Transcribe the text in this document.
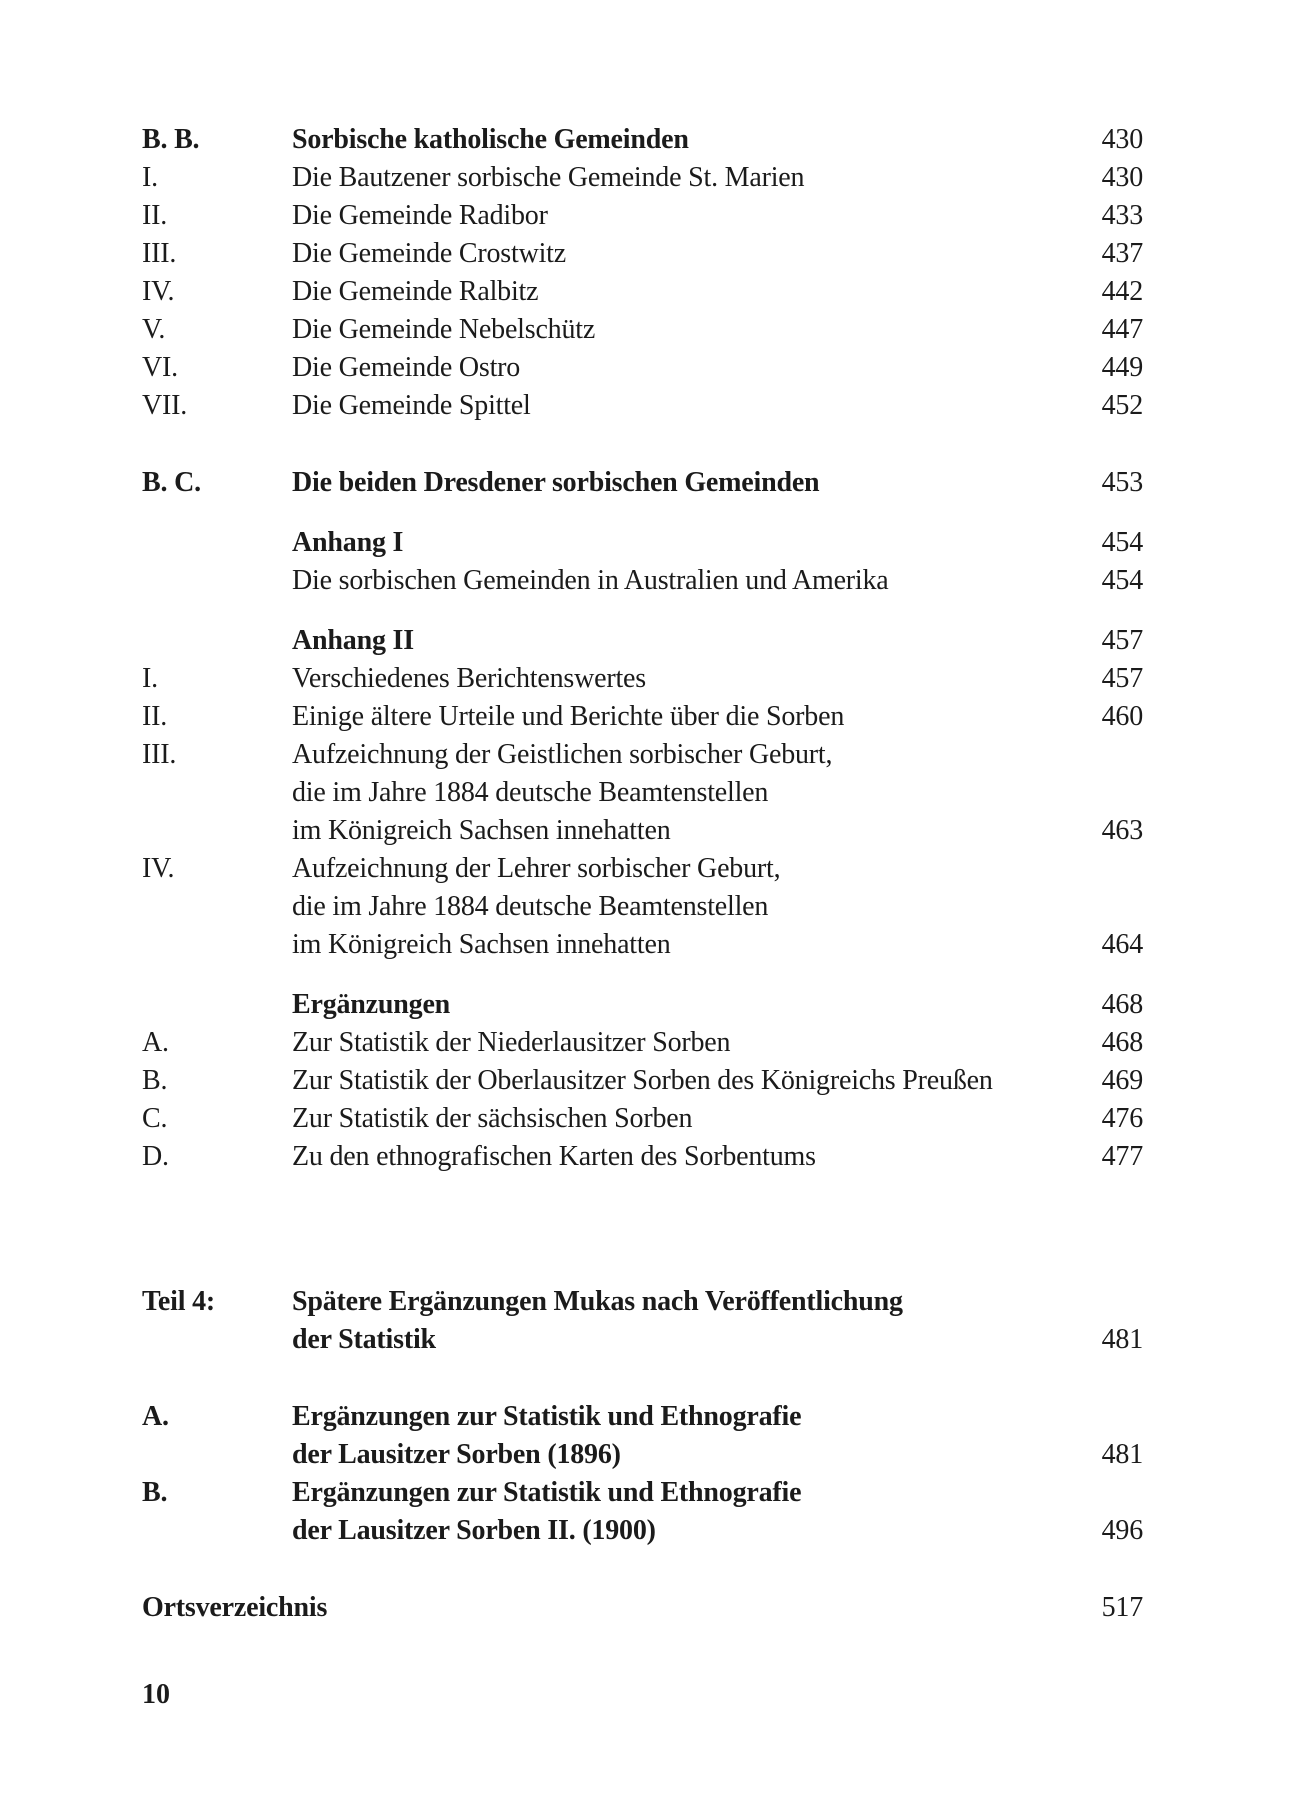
B. B.	Sorbische katholische Gemeinden	430
I.	Die Bautzener sorbische Gemeinde St. Marien	430
II.	Die Gemeinde Radibor	433
III.	Die Gemeinde Crostwitz	437
IV.	Die Gemeinde Ralbitz	442
V.	Die Gemeinde Nebelschütz	447
VI.	Die Gemeinde Ostro	449
VII.	Die Gemeinde Spittel	452
B. C.	Die beiden Dresdener sorbischen Gemeinden	453
Anhang I	454
Die sorbischen Gemeinden in Australien und Amerika	454
Anhang II	457
I.	Verschiedenes Berichtenswertes	457
II.	Einige ältere Urteile und Berichte über die Sorben	460
III.	Aufzeichnung der Geistlichen sorbischer Geburt,
die im Jahre 1884 deutsche Beamtenstellen
im Königreich Sachsen innehatten	463
IV.	Aufzeichnung der Lehrer sorbischer Geburt,
die im Jahre 1884 deutsche Beamtenstellen
im Königreich Sachsen innehatten	464
Ergänzungen	468
A.	Zur Statistik der Niederlausitzer Sorben	468
B.	Zur Statistik der Oberlausitzer Sorben des Königreichs Preußen	469
C.	Zur Statistik der sächsischen Sorben	476
D.	Zu den ethnografischen Karten des Sorbentums	477
Teil 4:	Spätere Ergänzungen Mukas nach Veröffentlichung
der Statistik	481
A.	Ergänzungen zur Statistik und Ethnografie
der Lausitzer Sorben (1896)	481
B.	Ergänzungen zur Statistik und Ethnografie
der Lausitzer Sorben II. (1900)	496
Ortsverzeichnis	517
10
